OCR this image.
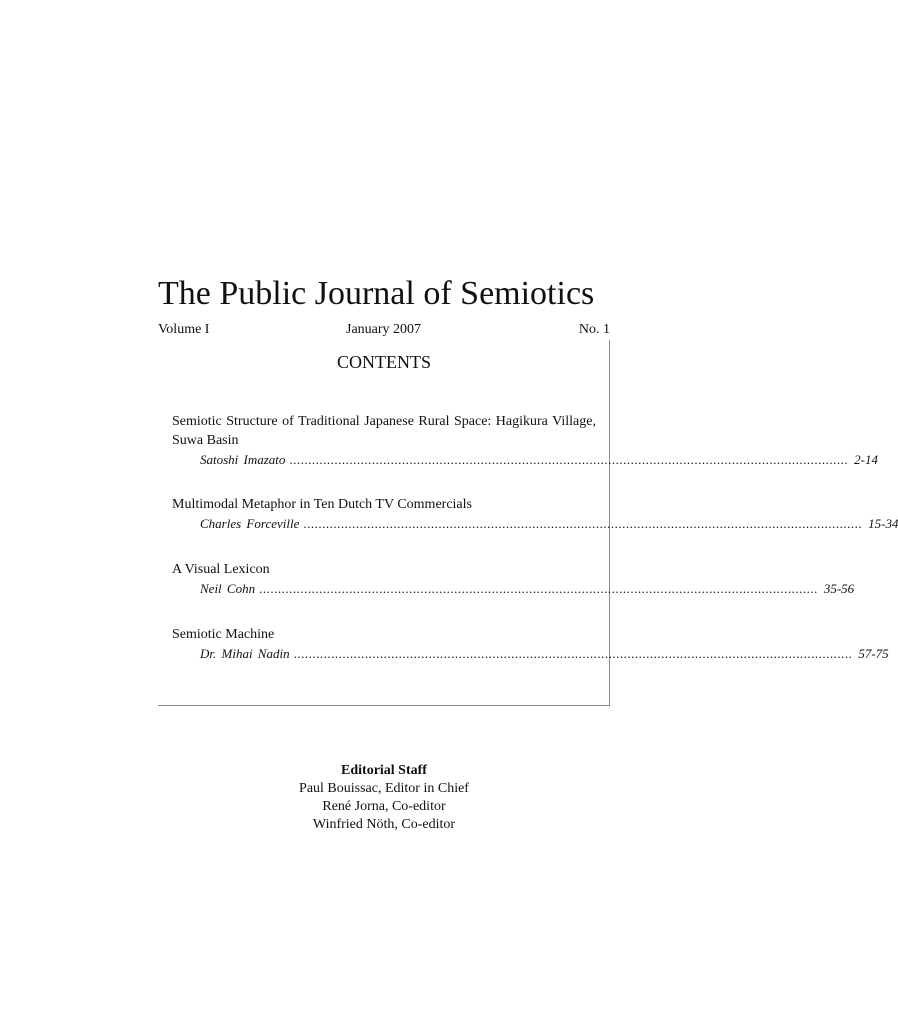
The Public Journal of Semiotics
Volume I	January 2007	No. 1
CONTENTS
Semiotic Structure of Traditional Japanese Rural Space: Hagikura Village, Suwa Basin
Satoshi Imazato ..................................................................................................................................................... 2-14
Multimodal Metaphor in Ten Dutch TV Commercials
Charles Forceville ..................................................................................................................................................... 15-34
A Visual Lexicon
Neil Cohn ..................................................................................................................................................... 35-56
Semiotic Machine
Dr. Mihai Nadin ..................................................................................................................................................... 57-75
Editorial Staff
Paul Bouissac, Editor in Chief
René Jorna, Co-editor
Winfried Nöth, Co-editor
